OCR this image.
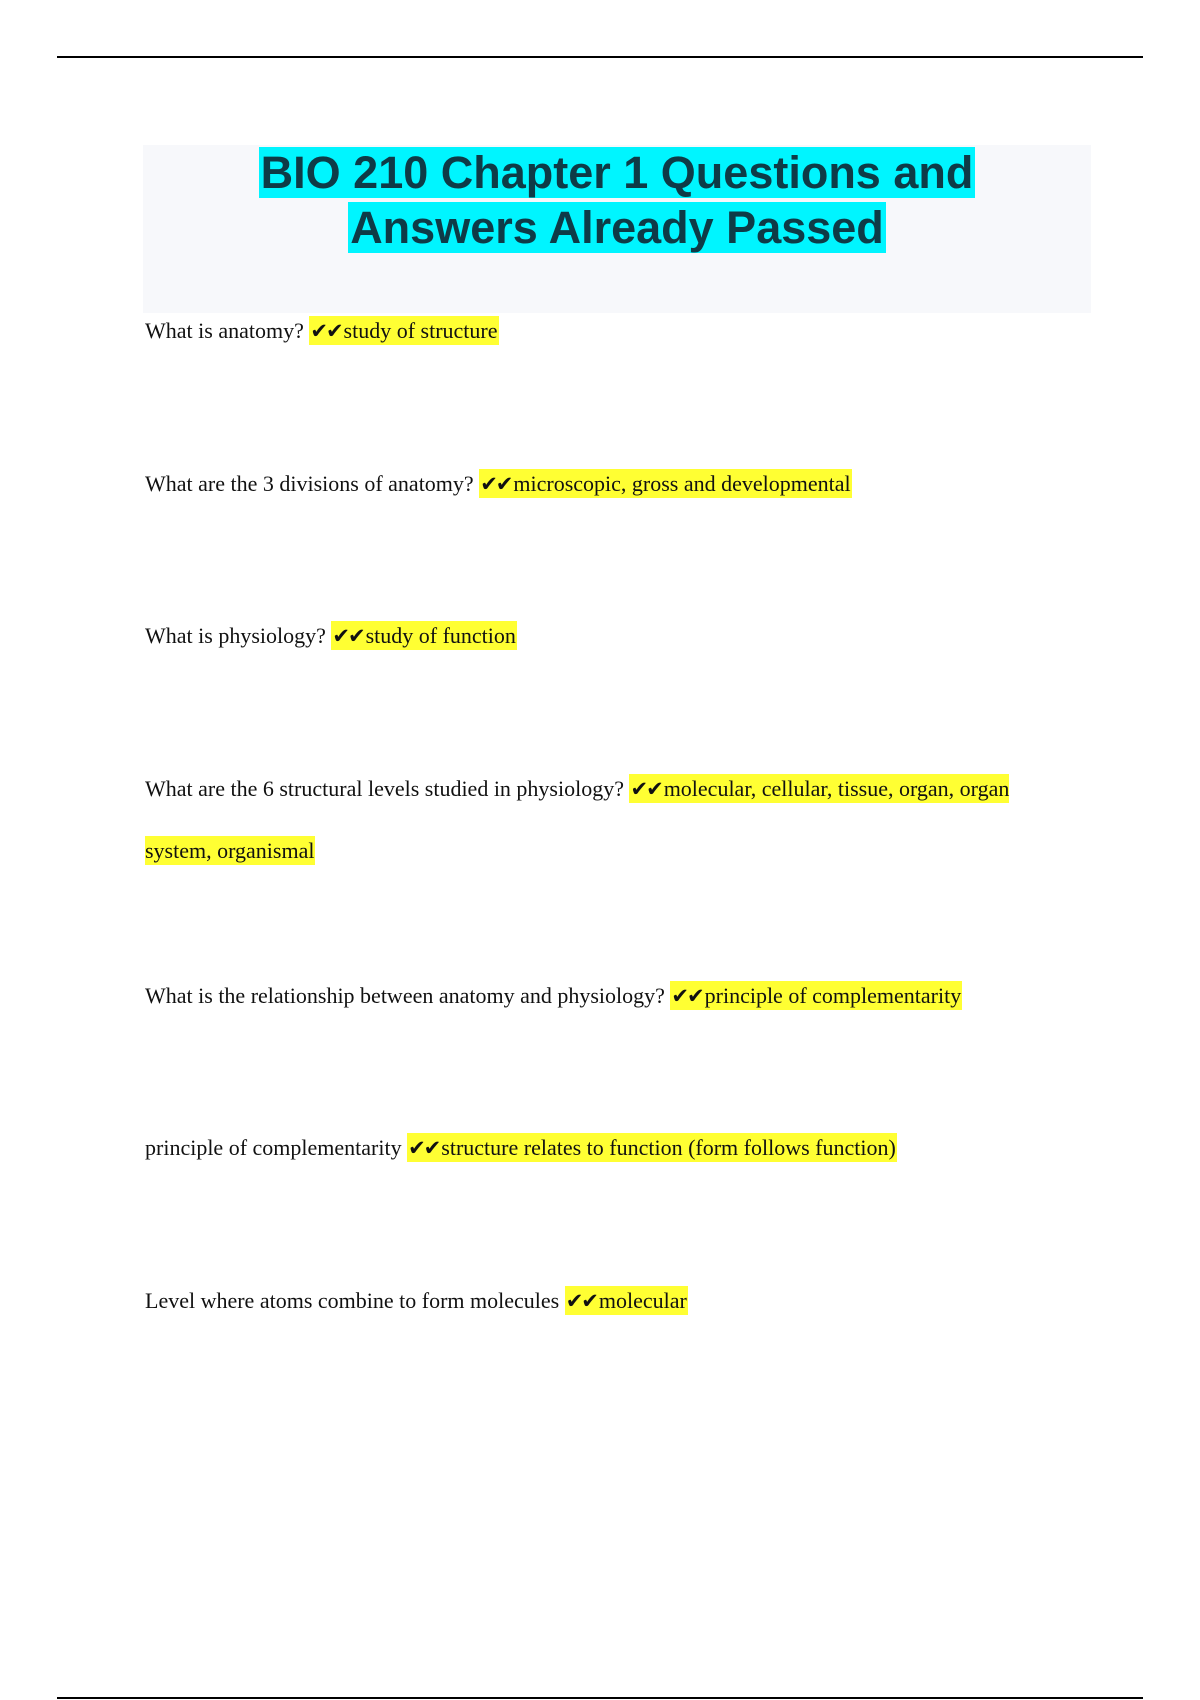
BIO 210 Chapter 1 Questions and
Answers Already Passed

What is anatomy? ✔✔study of structure

What are the 3 divisions of anatomy? ✔✔microscopic, gross and developmental

What is physiology? ✔✔study of function

What are the 6 structural levels studied in physiology? ✔✔molecular, cellular, tissue, organ, organ system, organismal

What is the relationship between anatomy and physiology? ✔✔principle of complementarity

principle of complementarity ✔✔structure relates to function (form follows function)

Level where atoms combine to form molecules ✔✔molecular
